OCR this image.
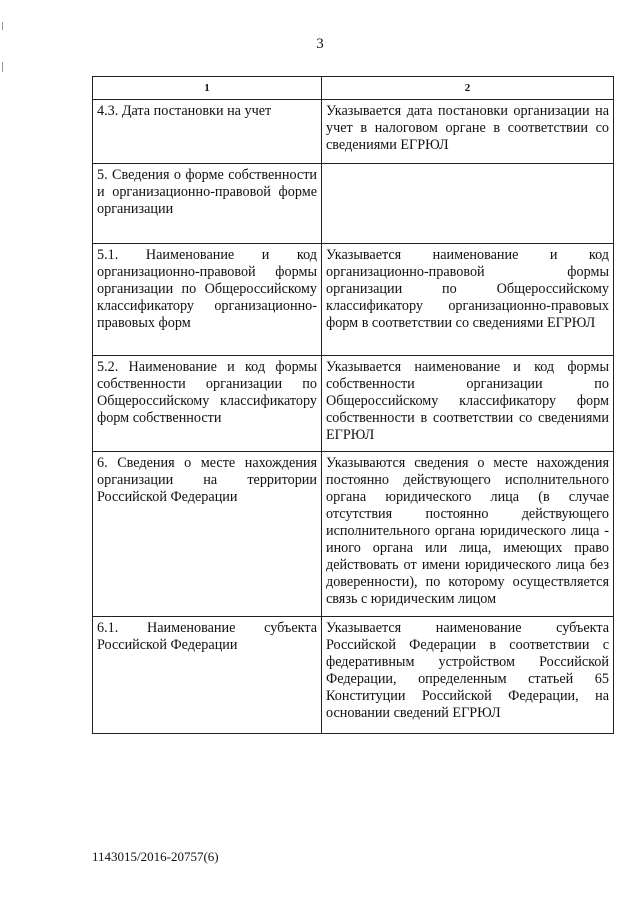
3
1	2
4.3. Дата постановки на учет	Указывается дата постановки организации на учет в налоговом органе в соответствии со сведениями ЕГРЮЛ
5. Сведения о форме собственности и организационно-правовой форме организации	
5.1. Наименование и код организационно-правовой формы организации по Общероссийскому классификатору организационно-правовых форм	Указывается наименование и код организационно-правовой формы организации по Общероссийскому классификатору организационно-правовых форм в соответствии со сведениями ЕГРЮЛ
5.2. Наименование и код формы собственности организации по Общероссийскому классификатору форм собственности	Указывается наименование и код формы собственности организации по Общероссийскому классификатору форм собственности в соответствии со сведениями ЕГРЮЛ
6. Сведения о месте нахождения организации на территории Российской Федерации	Указываются сведения о месте нахождения постоянно действующего исполнительного органа юридического лица (в случае отсутствия постоянно действующего исполнительного органа юридического лица - иного органа или лица, имеющих право действовать от имени юридического лица без доверенности), по которому осуществляется связь с юридическим лицом
6.1. Наименование субъекта Российской Федерации	Указывается наименование субъекта Российской Федерации в соответствии с федеративным устройством Российской Федерации, определенным статьей 65 Конституции Российской Федерации, на основании сведений ЕГРЮЛ
1143015/2016-20757(6)
